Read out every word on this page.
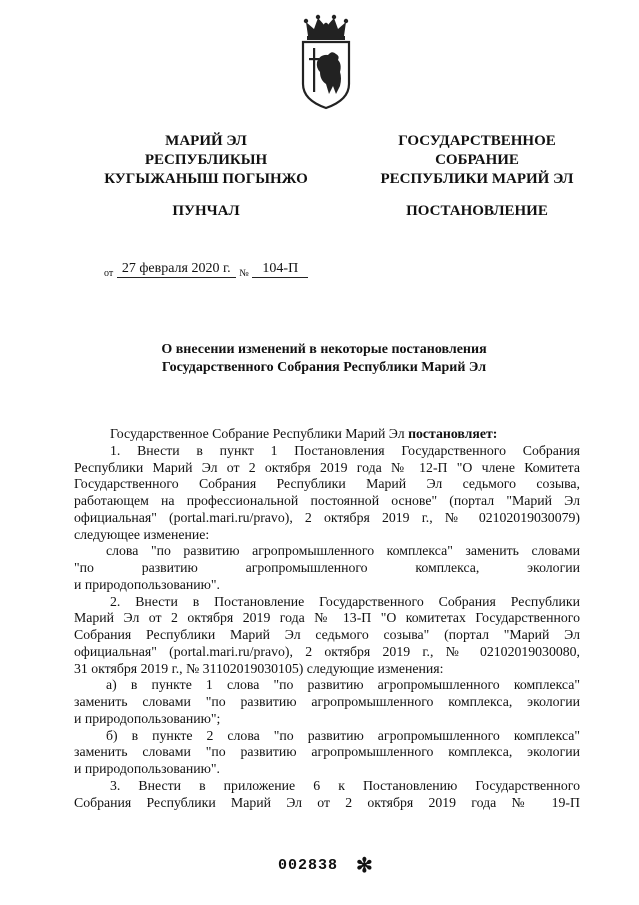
МАРИЙ ЭЛ
РЕСПУБЛИКЫН
КУГЫЖАНЫШ ПОГЫНЖО
ПУНЧАЛ
ГОСУДАРСТВЕННОЕ
СОБРАНИЕ
РЕСПУБЛИКИ МАРИЙ ЭЛ
ПОСТАНОВЛЕНИЕ
$_{от}$ 27 февраля 2020 г. $_№$ 104-П
О внесении изменений в некоторые постановления
Государственного Собрания Республики Марий Эл
Государственное Собрание Республики Марий Эл постановляет:
1. Внести в пункт 1 Постановления Государственного Собрания
Республики Марий Эл от 2 октября 2019 года № 12-П "О члене Комитета
Государственного Собрания Республики Марий Эл седьмого созыва,
работающем на профессиональной постоянной основе" (портал "Марий Эл
официальная" (portal.mari.ru/pravo), 2 октября 2019 г., № 02102019030079)
следующее изменение:
слова "по развитию агропромышленного комплекса" заменить словами
"по развитию агропромышленного комплекса, экологии
и природопользованию".
2. Внести в Постановление Государственного Собрания Республики
Марий Эл от 2 октября 2019 года № 13-П "О комитетах Государственного
Собрания Республики Марий Эл седьмого созыва" (портал "Марий Эл
официальная" (portal.mari.ru/pravo), 2 октября 2019 г., № 02102019030080,
31 октября 2019 г., № 31102019030105) следующие изменения:
а) в пункте 1 слова "по развитию агропромышленного комплекса"
заменить словами "по развитию агропромышленного комплекса, экологии
и природопользованию";
б) в пункте 2 слова "по развитию агропромышленного комплекса"
заменить словами "по развитию агропромышленного комплекса, экологии
и природопользованию".
3. Внести в приложение 6 к Постановлению Государственного
Собрания Республики Марий Эл от 2 октября 2019 года № 19-П
002838 ✻
